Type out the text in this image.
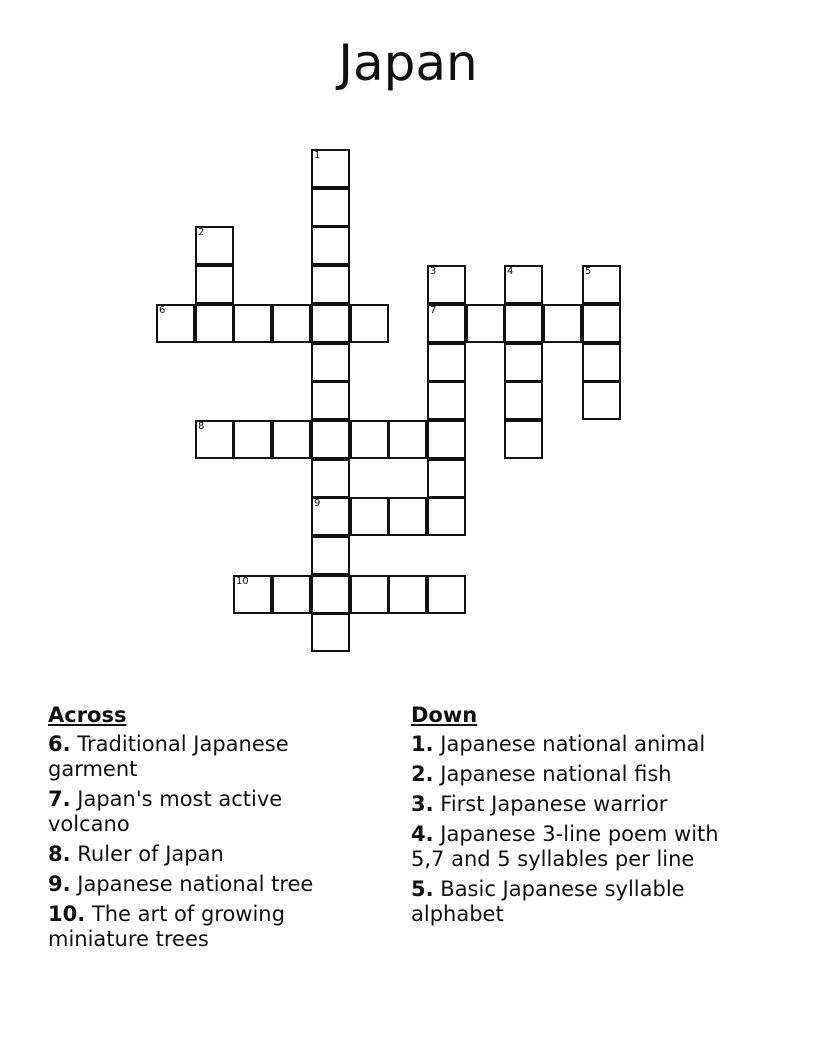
Japan
1
9
2
3
7
4	5
6
8
10
Across
6. Traditional Japanese garment
7. Japan's most active volcano
8. Ruler of Japan
9. Japanese national tree
10. The art of growing miniature trees
Down
1. Japanese national animal
2. Japanese national fish
3. First Japanese warrior
4. Japanese 3-line poem with 5,7 and 5 syllables per line
5. Basic Japanese syllable alphabet
